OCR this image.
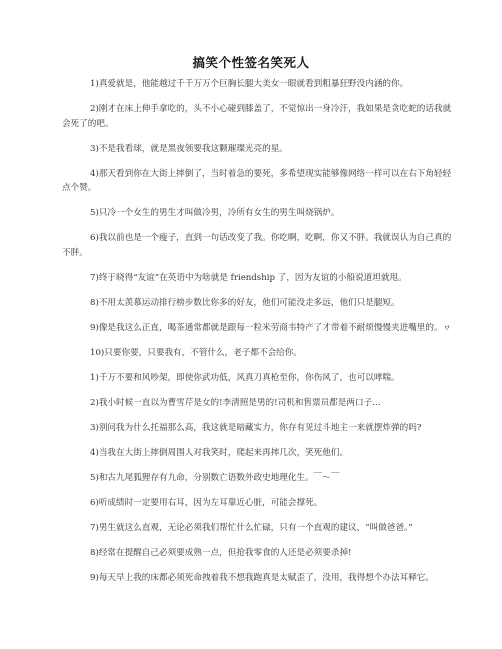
搞笑个性签名笑死人

1)真爱就是，他能越过千千万万个巨胸长腿大美女一眼就看到粗暴狂野没内涵的你。

2)刚才在床上伸手拿吃的，头不小心碰到膝盖了，不觉惊出一身冷汗，我如果是贪吃蛇的话我就会死了的吧。

3)不是我看球，就是黑夜领要我这颗璀璨光亮的星。

4)那天看到你在大街上摔倒了，当时着急的要死，多希望现实能够像网络一样可以在右下角轻轻点个赞。

5)只冷一个女生的男生才叫做冷男，冷所有女生的男生叫烧锅炉。

6)我以前也是一个瘦子，直到一句话改变了我。你吃啊，吃啊，你又不胖。我就误认为自己真的不胖。

7)终于晓得“友谊”在英语中为啥就是 friendship 了，因为友谊的小船说道坦就甩。

8)不用太羡慕运动排行榜步数比你多的好友，他们可能没走多远，他们只是腿短。

9)像是我这么正直，喝茶通常都就是跟每一粒米劳商韦特产了才带着不耐烦慢慢夹进嘴里的。ヮ

10)只要你要，只要我有，不管什么，老子都不会给你。

1)千万不要和风吵架，即使你武功低，风真刀真枪至你，你伤风了，也可以哮喘。

2)我小时候一直以为曹雪芹是女的!李清照是男的!司机和售票员都是两口子…

3)别问我为什么托福那么高，我这就是暗藏实力，你存有见过斗地主一来就摆炸弹的吗?

4)当我在大街上摔倒周围人对我笑时，爬起来再摔几次，笑死他们。

5)和古九尾狐狸存有九命，分别数亡语数外政史地理化生。￣～￣

6)听成绩时一定要用右耳，因为左耳靠近心脏，可能会撑死。

7)男生就这么直观，无论必须我们帮忙什么忙碌，只有一个直观的建议，“叫做爸爸。”

8)经常在提醒自己必须要成熟一点，但抢我零食的人还是必须要杀掉!

9)每天早上我的床都必须死命拽着我不想我跑真是太赋歪了，没用，我得想个办法耳释它。
